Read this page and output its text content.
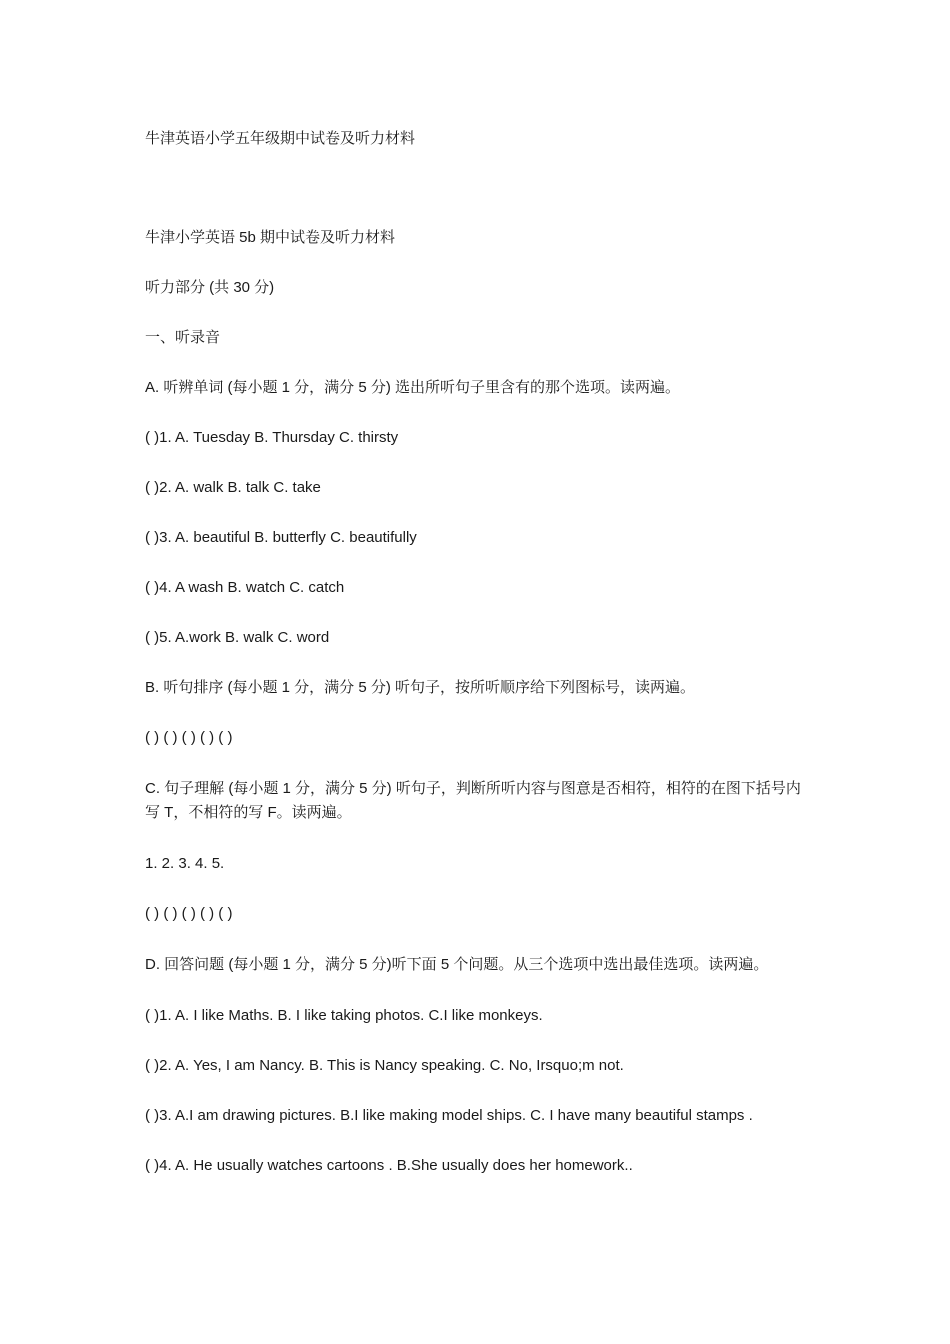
牛津英语小学五年级期中试卷及听力材料

牛津小学英语 5b 期中试卷及听力材料

听力部分 (共 30 分)

一、听录音

A. 听辨单词 (每小题 1 分，满分 5 分) 选出所听句子里含有的那个选项。读两遍。

( )1. A. Tuesday B. Thursday C. thirsty

( )2. A. walk B. talk C. take

( )3. A. beautiful B. butterfly C. beautifully

( )4. A wash B. watch C. catch

( )5. A.work B. walk C. word

B. 听句排序 (每小题 1 分，满分 5 分) 听句子，按所听顺序给下列图标号，读两遍。

( ) ( ) ( ) ( ) ( )

C. 句子理解 (每小题 1 分，满分 5 分) 听句子，判断所听内容与图意是否相符，相符的在图下括号内写 T，不相符的写 F。读两遍。

1. 2. 3. 4. 5.

( ) ( ) ( ) ( ) ( )

D. 回答问题 (每小题 1 分，满分 5 分)听下面 5 个问题。从三个选项中选出最佳选项。读两遍。

( )1. A. I like Maths. B. I like taking photos. C.I like monkeys.

( )2. A. Yes, I am Nancy. B. This is Nancy speaking. C. No, Irsquo;m not.

( )3. A.I am drawing pictures. B.I like making model ships. C. I have many beautiful stamps .

( )4. A. He usually watches cartoons . B.She usually does her homework..
